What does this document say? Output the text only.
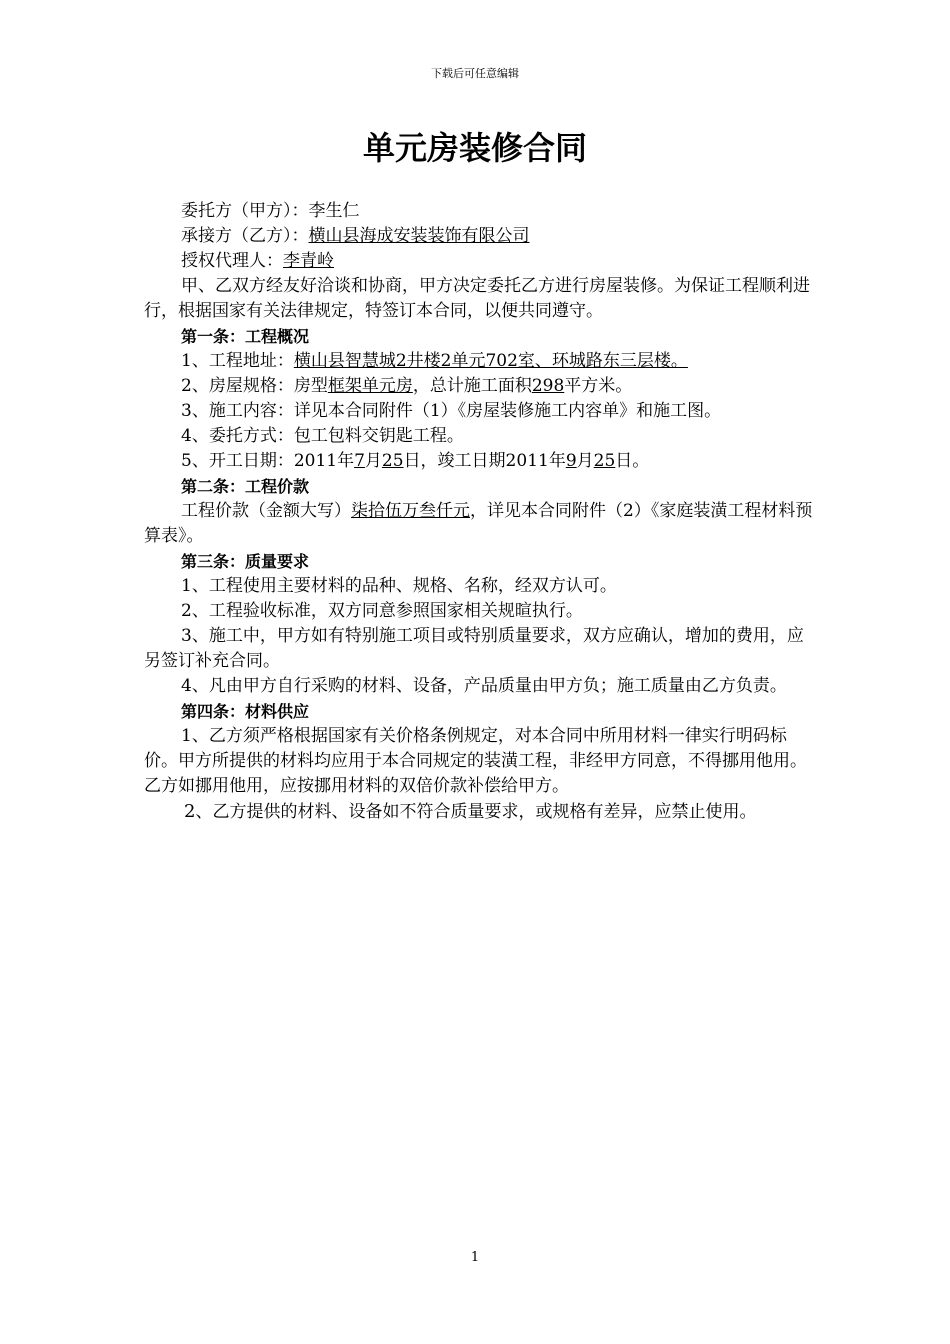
下载后可任意编辑
单元房装修合同

委托方（甲方）：李生仁

承接方（乙方）：横山县海成安装装饰有限公司

授权代理人：李青岭

甲、乙双方经友好洽谈和协商，甲方决定委托乙方进行房屋装修。为保证工程顺利进行，根据国家有关法律规定，特签订本合同，以便共同遵守。

第一条：工程概况

1、工程地址：横山县智慧城2井楼2单元702室、环城路东三层楼。

2、房屋规格：房型框架单元房，总计施工面积298平方米。

3、施工内容：详见本合同附件（1）《房屋装修施工内容单》和施工图。

4、委托方式：包工包料交钥匙工程。

5、开工日期：2011年7月25日，竣工日期2011年9月25日。

第二条：工程价款

工程价款（金额大写）柒拾伍万叁仟元，详见本合同附件（2）《家庭装潢工程材料预算表》。

第三条：质量要求

1、工程使用主要材料的品种、规格、名称，经双方认可。

2、工程验收标准，双方同意参照国家相关规暄执行。

3、施工中，甲方如有特别施工项目或特别质量要求，双方应确认，增加的费用，应另签订补充合同。

4、凡由甲方自行采购的材料、设备，产品质量由甲方负；施工质量由乙方负责。

第四条：材料供应

1、乙方须严格根据国家有关价格条例规定，对本合同中所用材料一律实行明码标价。甲方所提供的材料均应用于本合同规定的装潢工程，非经甲方同意，不得挪用他用。乙方如挪用他用，应按挪用材料的双倍价款补偿给甲方。

2、乙方提供的材料、设备如不符合质量要求，或规格有差异，应禁止使用。

1
